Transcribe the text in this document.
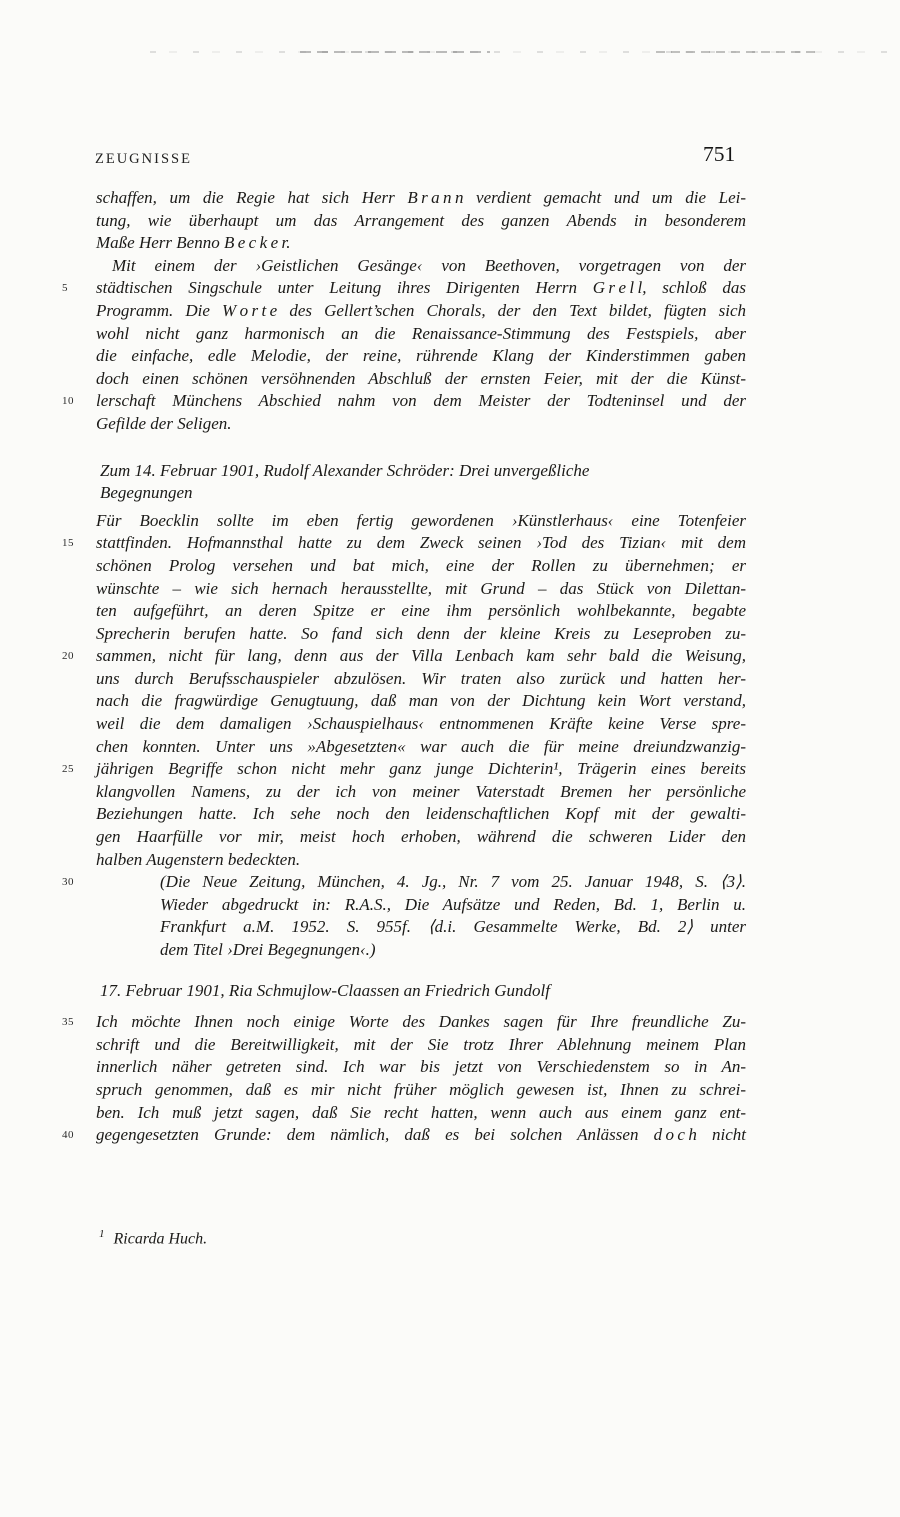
ZEUGNISSE	751
schaffen, um die Regie hat sich Herr B r a n n verdient gemacht und um die Lei-
tung, wie überhaupt um das Arrangement des ganzen Abends in besonderem
Maße Herr Benno B e c k e r.
Mit einem der ›Geistlichen Gesänge‹ von Beethoven, vorgetragen von der
5	städtischen Singschule unter Leitung ihres Dirigenten Herrn G r e l l, schloß das
Programm. Die W o r t e des Gellert’schen Chorals, der den Text bildet, fügten sich
wohl nicht ganz harmonisch an die Renaissance-Stimmung des Festspiels, aber
die einfache, edle Melodie, der reine, rührende Klang der Kinderstimmen gaben
doch einen schönen versöhnenden Abschluß der ernsten Feier, mit der die Künst-
10	lerschaft Münchens Abschied nahm von dem Meister der Todteninsel und der
Gefilde der Seligen.
Zum 14. Februar 1901, Rudolf Alexander Schröder: Drei unvergeßliche
Begegnungen
Für Boecklin sollte im eben fertig gewordenen ›Künstlerhaus‹ eine Totenfeier
15	stattfinden. Hofmannsthal hatte zu dem Zweck seinen ›Tod des Tizian‹ mit dem
schönen Prolog versehen und bat mich, eine der Rollen zu übernehmen; er
wünschte – wie sich hernach herausstellte, mit Grund – das Stück von Dilettan-
ten aufgeführt, an deren Spitze er eine ihm persönlich wohlbekannte, begabte
Sprecherin berufen hatte. So fand sich denn der kleine Kreis zu Leseproben zu-
20	sammen, nicht für lang, denn aus der Villa Lenbach kam sehr bald die Weisung,
uns durch Berufsschauspieler abzulösen. Wir traten also zurück und hatten her-
nach die fragwürdige Genugtuung, daß man von der Dichtung kein Wort verstand,
weil die dem damaligen ›Schauspielhaus‹ entnommenen Kräfte keine Verse spre-
chen konnten. Unter uns »Abgesetzten« war auch die für meine dreiundzwanzig-
25	jährigen Begriffe schon nicht mehr ganz junge Dichterin¹, Trägerin eines bereits
klangvollen Namens, zu der ich von meiner Vaterstadt Bremen her persönliche
Beziehungen hatte. Ich sehe noch den leidenschaftlichen Kopf mit der gewalti-
gen Haarfülle vor mir, meist hoch erhoben, während die schweren Lider den
halben Augenstern bedeckten.
30	(Die Neue Zeitung, München, 4. Jg., Nr. 7 vom 25. Januar 1948, S. ⟨3⟩.
Wieder abgedruckt in: R.A.S., Die Aufsätze und Reden, Bd. 1, Berlin u.
Frankfurt a.M. 1952. S. 955f. ⟨d.i. Gesammelte Werke, Bd. 2⟩ unter
dem Titel ›Drei Begegnungen‹.)
17. Februar 1901, Ria Schmujlow-Claassen an Friedrich Gundolf
35	Ich möchte Ihnen noch einige Worte des Dankes sagen für Ihre freundliche Zu-
schrift und die Bereitwilligkeit, mit der Sie trotz Ihrer Ablehnung meinem Plan
innerlich näher getreten sind. Ich war bis jetzt von Verschiedenstem so in An-
spruch genommen, daß es mir nicht früher möglich gewesen ist, Ihnen zu schrei-
ben. Ich muß jetzt sagen, daß Sie recht hatten, wenn auch aus einem ganz ent-
40	gegengesetzten Grunde: dem nämlich, daß es bei solchen Anlässen d o c h nicht
$^1$ Ricarda Huch.
